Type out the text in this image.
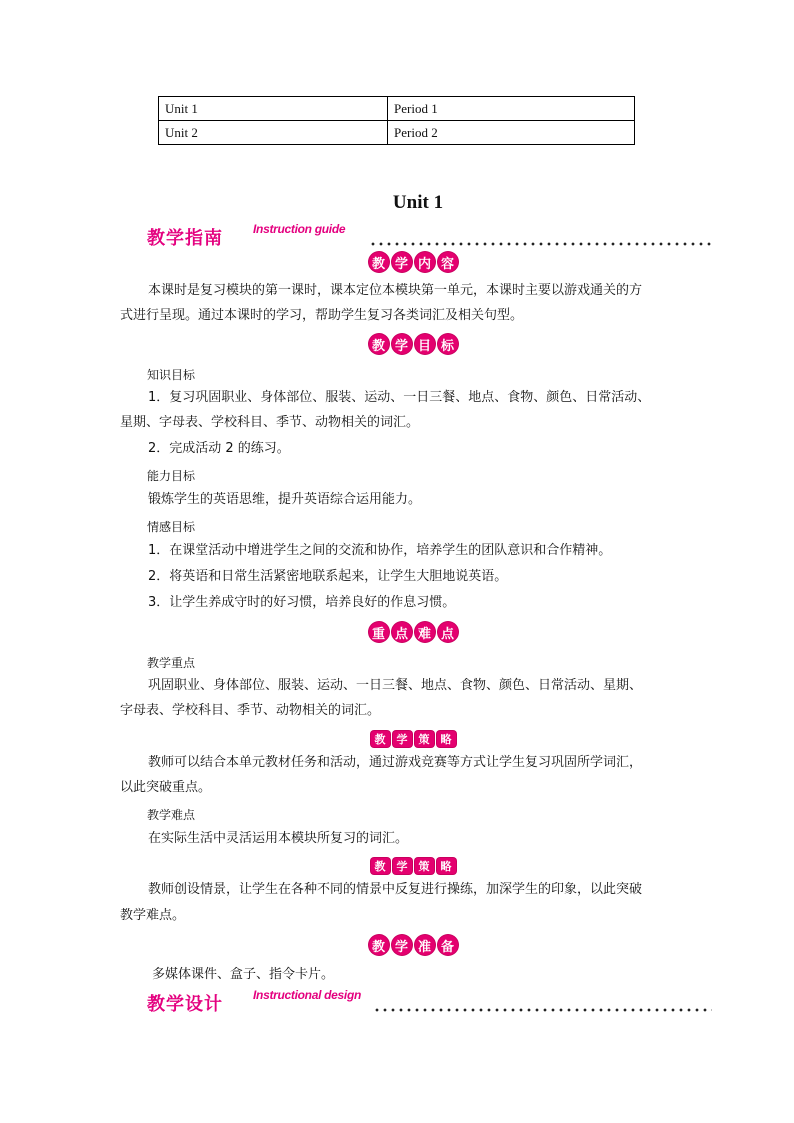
Unit 1	Period 1
Unit 2	Period 2
Unit 1
教学指南	Instruction guide
教 学 内 容

本课时是复习模块的第一课时，课本定位本模块第一单元，本课时主要以游戏通关的方

式进行呈现。通过本课时的学习，帮助学生复习各类词汇及相关句型。

教 学 目 标
知识目标

1．复习巩固职业、身体部位、服装、运动、一日三餐、地点、食物、颜色、日常活动、

星期、字母表、学校科目、季节、动物相关的词汇。

2．完成活动 2 的练习。

能力目标

锻炼学生的英语思维，提升英语综合运用能力。

情感目标

1．在课堂活动中增进学生之间的交流和协作，培养学生的团队意识和合作精神。

2．将英语和日常生活紧密地联系起来，让学生大胆地说英语。

3．让学生养成守时的好习惯，培养良好的作息习惯。

重 点 难 点
教学重点

巩固职业、身体部位、服装、运动、一日三餐、地点、食物、颜色、日常活动、星期、

字母表、学校科目、季节、动物相关的词汇。

教	学	策	略

教师可以结合本单元教材任务和活动，通过游戏竞赛等方式让学生复习巩固所学词汇，

以此突破重点。

教学难点

在实际生活中灵活运用本模块所复习的词汇。

教	学	策	略

教师创设情景，让学生在各种不同的情景中反复进行操练，加深学生的印象，以此突破

教学难点。

教 学 准 备

多媒体课件、盒子、指令卡片。

教学设计	Instructional design
